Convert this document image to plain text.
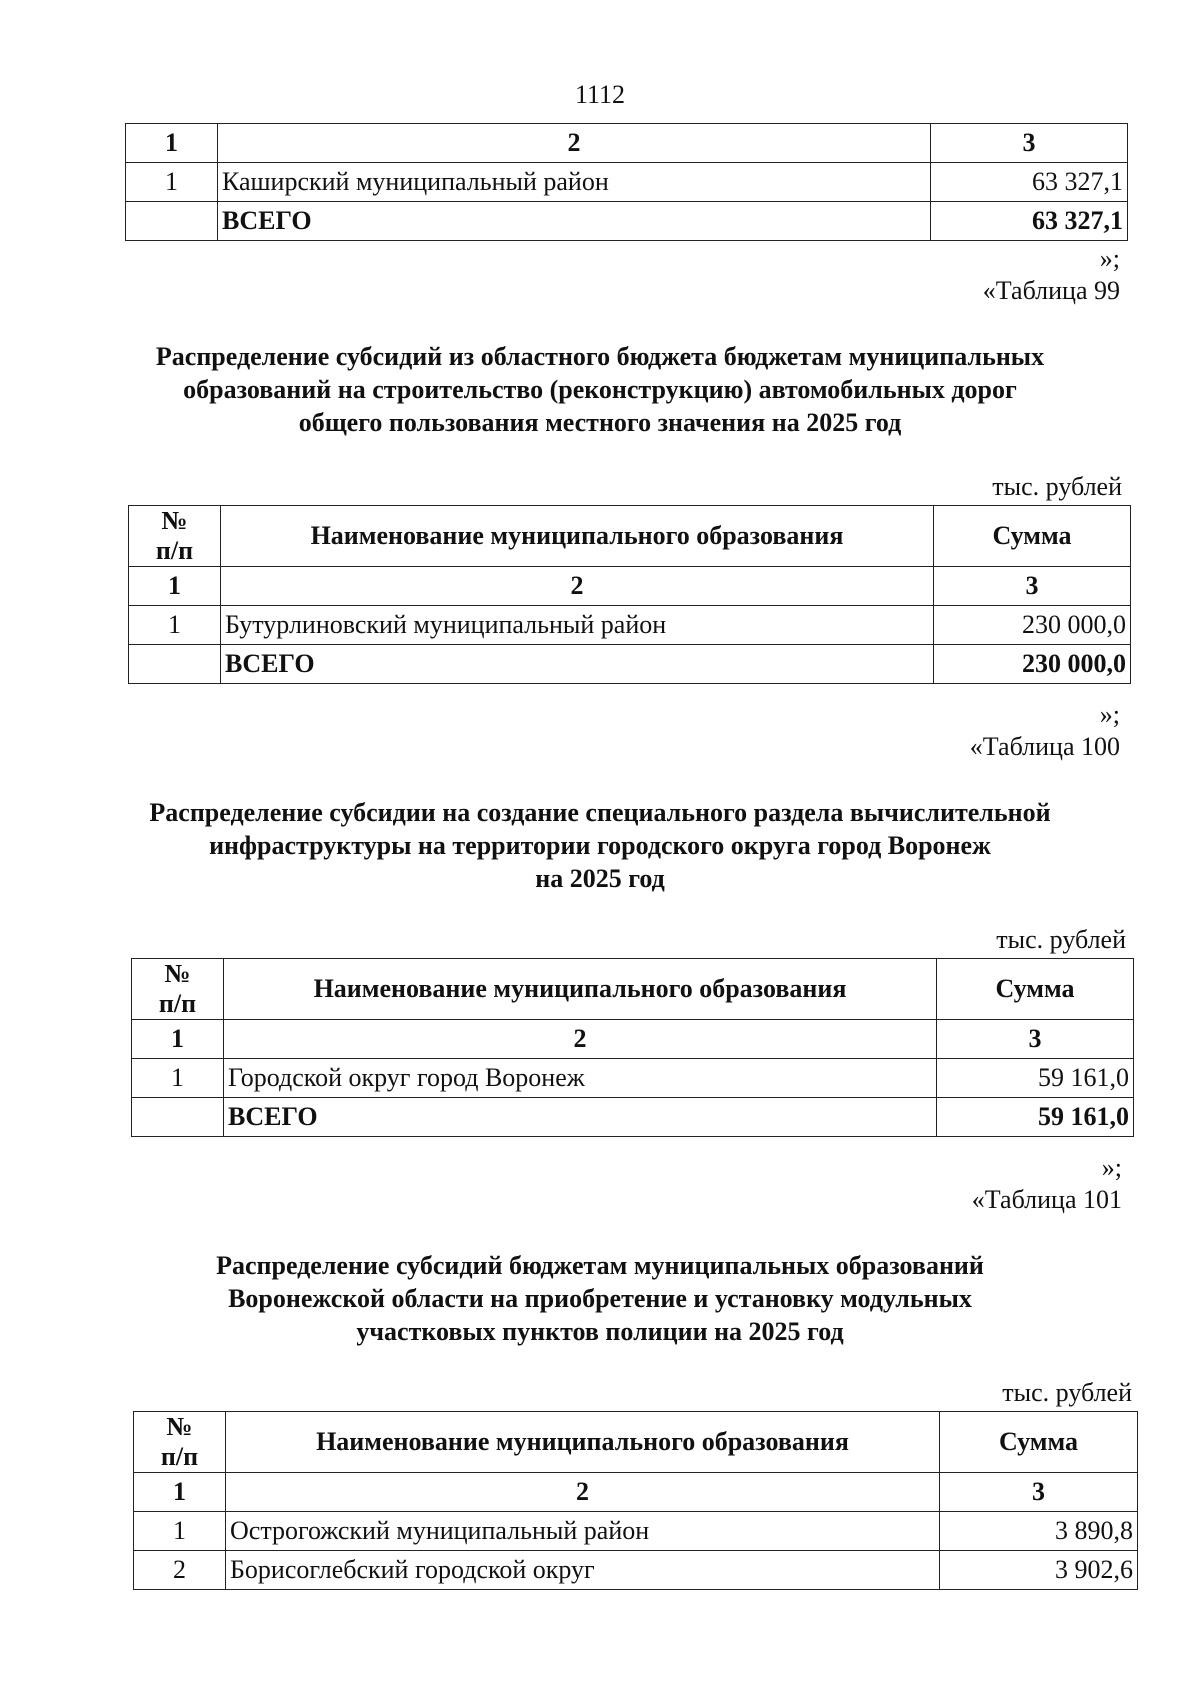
1112
1	2	3
1	Каширский муниципальный район	63 327,1
	ВСЕГО	63 327,1
»;
«Таблица 99
Распределение субсидий из областного бюджета бюджетам муниципальных
образований на строительство (реконструкцию) автомобильных дорог
общего пользования местного значения на 2025 год
тыс. рублей
№
п/п	Наименование муниципального образования	Сумма
1	2	3
1	Бутурлиновский муниципальный район	230 000,0
	ВСЕГО	230 000,0
»;
«Таблица 100
Распределение субсидии на создание специального раздела вычислительной
инфраструктуры на территории городского округа город Воронеж
на 2025 год
тыс. рублей
№
п/п	Наименование муниципального образования	Сумма
1	2	3
1	Городской округ город Воронеж	59 161,0
	ВСЕГО	59 161,0
»;
«Таблица 101
Распределение субсидий бюджетам муниципальных образований
Воронежской области на приобретение и установку модульных
участковых пунктов полиции на 2025 год
тыс. рублей
№
п/п	Наименование муниципального образования	Сумма
1	2	3
1	Острогожский муниципальный район	3 890,8
2	Борисоглебский городской округ	3 902,6
